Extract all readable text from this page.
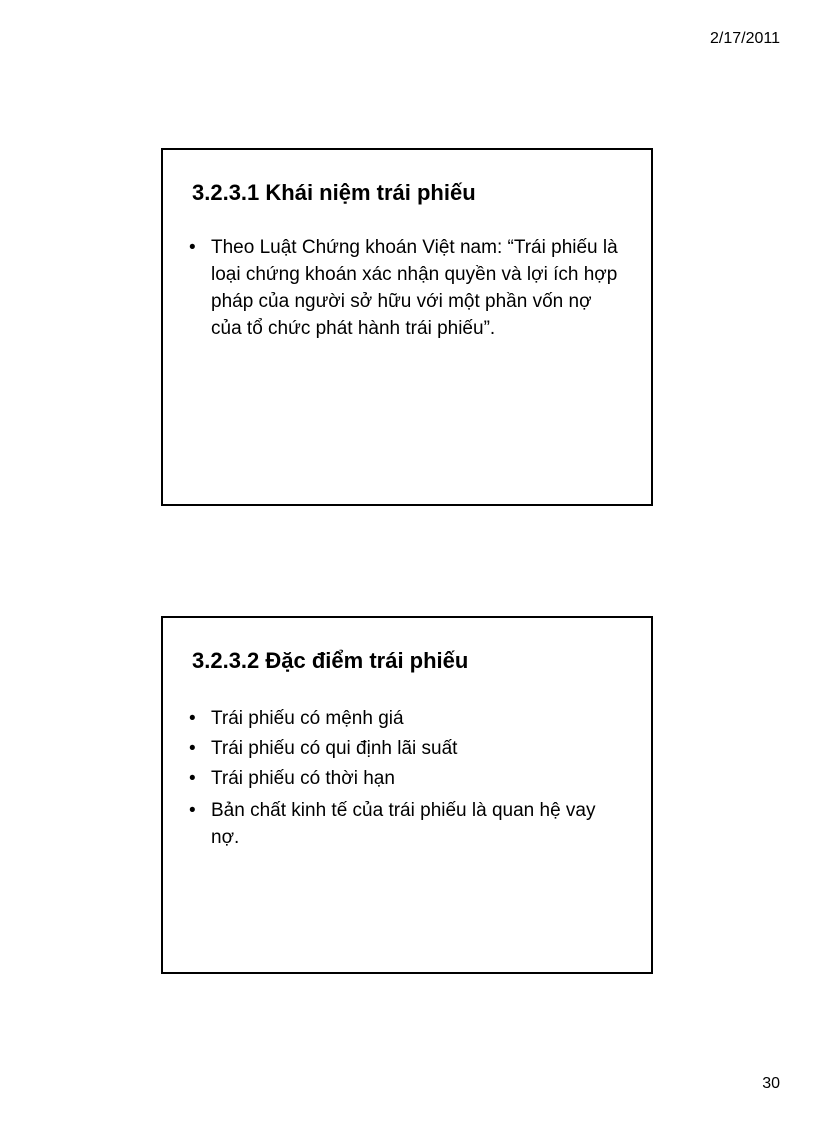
2/17/2011
3.2.3.1 Khái niệm trái phiếu
• Theo Luật Chứng khoán Việt nam: “Trái phiếu là loại chứng khoán xác nhận quyền và lợi ích hợp pháp của người sở hữu với một phần vốn nợ của tổ chức phát hành trái phiếu”.
3.2.3.2 Đặc điểm trái phiếu
• Trái phiếu có mệnh giá
• Trái phiếu có qui định lãi suất
• Trái phiếu có thời hạn
• Bản chất kinh tế của trái phiếu là quan hệ vay nợ.
30
